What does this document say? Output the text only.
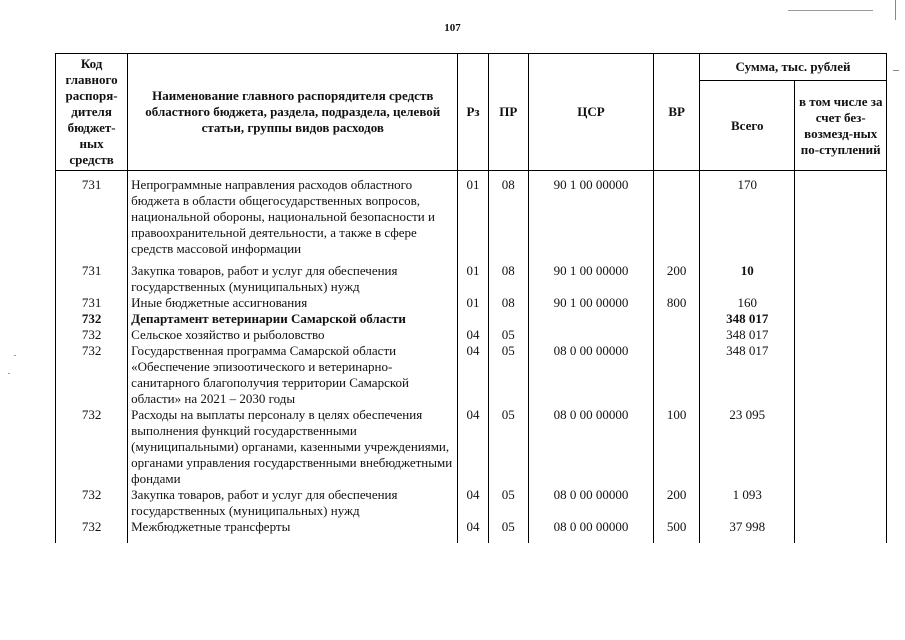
107
Код главного распоря-дителя бюджет-ных средств	Наименование главного распорядителя средств областного бюджета, раздела, подраздела, целевой статьи, группы видов расходов	Рз	ПР	ЦСР	ВР	Сумма, тыс. рублей	
						Всего	в том числе за счет без-возмезд-ных по-ступлений

731	Непрограммные направления расходов областного бюджета в области общегосударственных вопросов, национальной обороны, национальной безопасности и правоохранительной деятельности, а также в сфере средств массовой информации	01	08	90 1 00 00000		170	
731	Закупка товаров, работ и услуг для обеспечения государственных (муниципальных) нужд	01	08	90 1 00 00000	200	10	
731	Иные бюджетные ассигнования	01	08	90 1 00 00000	800	160	
732	Департамент ветеринарии Самарской области					348 017	
732	Сельское хозяйство и рыболовство	04	05			348 017	
732	Государственная программа Самарской области «Обеспечение эпизоотического и ветеринарно-санитарного благополучия территории Самарской области» на 2021 – 2030 годы	04	05	08 0 00 00000		348 017	
732	Расходы на выплаты персоналу в целях обеспечения выполнения функций государственными (муниципальными) органами, казенными учреждениями, органами управления государственными внебюджетными фондами	04	05	08 0 00 00000	100	23 095	
732	Закупка товаров, работ и услуг для обеспечения государственных (муниципальных) нужд	04	05	08 0 00 00000	200	1 093	
732	Межбюджетные трансферты	04	05	08 0 00 00000	500	37 998	
